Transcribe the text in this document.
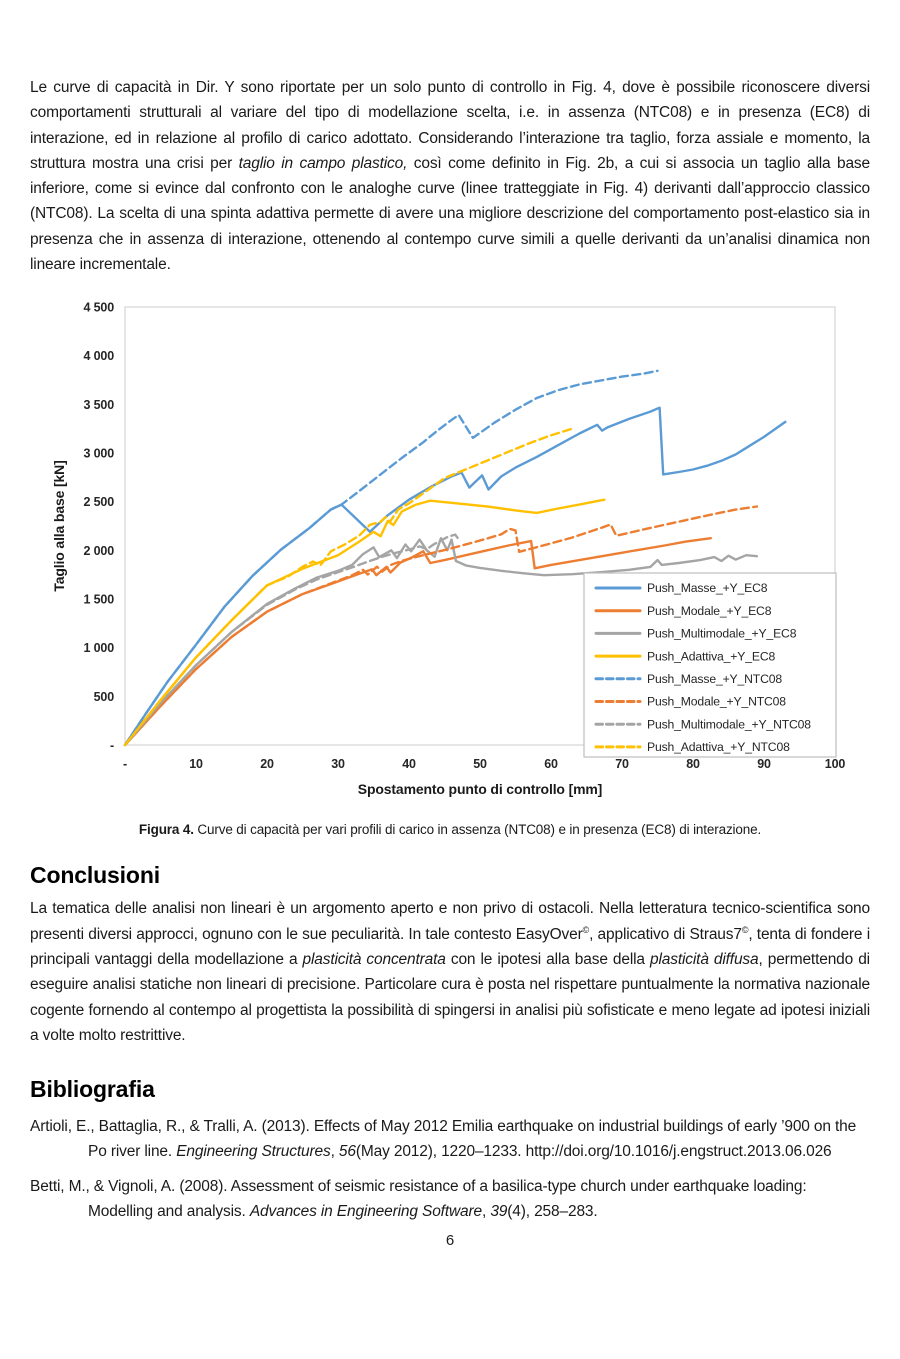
Le curve di capacità in Dir. Y sono riportate per un solo punto di controllo in Fig. 4, dove è possibile riconoscere diversi comportamenti strutturali al variare del tipo di modellazione scelta, i.e. in assenza (NTC08) e in presenza (EC8) di interazione, ed in relazione al profilo di carico adottato. Considerando l’interazione tra taglio, forza assiale e momento, la struttura mostra una crisi per taglio in campo plastico, così come definito in Fig. 2b, a cui si associa un taglio alla base inferiore, come si evince dal confronto con le analoghe curve (linee tratteggiate in Fig. 4) derivanti dall’approccio classico (NTC08). La scelta di una spinta adattiva permette di avere una migliore descrizione del comportamento post-elastico sia in presenza che in assenza di interazione, ottenendo al contempo curve simili a quelle derivanti da un’analisi dinamica non lineare incrementale.

-
500
1 000
1 500
2 000
2 500
3 000
3 500
4 000
4 500
-	10	20	30	40	50	60	70	80	90	100
Taglio alla base [kN]
Spostamento punto di controllo [mm]
Push_Masse_+Y_EC8
Push_Modale_+Y_EC8
Push_Multimodale_+Y_EC8
Push_Adattiva_+Y_EC8
Push_Masse_+Y_NTC08
Push_Modale_+Y_NTC08
Push_Multimodale_+Y_NTC08
Push_Adattiva_+Y_NTC08

Figura 4. Curve di capacità per vari profili di carico in assenza (NTC08) e in presenza (EC8) di interazione.

Conclusioni

La tematica delle analisi non lineari è un argomento aperto e non privo di ostacoli. Nella letteratura tecnico-scientifica sono presenti diversi approcci, ognuno con le sue peculiarità. In tale contesto EasyOver©, applicativo di Straus7©, tenta di fondere i principali vantaggi della modellazione a plasticità concentrata con le ipotesi alla base della plasticità diffusa, permettendo di eseguire analisi statiche non lineari di precisione. Particolare cura è posta nel rispettare puntualmente la normativa nazionale cogente fornendo al contempo al progettista la possibilità di spingersi in analisi più sofisticate e meno legate ad ipotesi iniziali a volte molto restrittive.

Bibliografia

Artioli, E., Battaglia, R., & Tralli, A. (2013). Effects of May 2012 Emilia earthquake on industrial buildings of early ’900 on the Po river line. Engineering Structures, 56(May 2012), 1220–1233. http://doi.org/10.1016/j.engstruct.2013.06.026

Betti, M., & Vignoli, A. (2008). Assessment of seismic resistance of a basilica-type church under earthquake loading: Modelling and analysis. Advances in Engineering Software, 39(4), 258–283.

6
